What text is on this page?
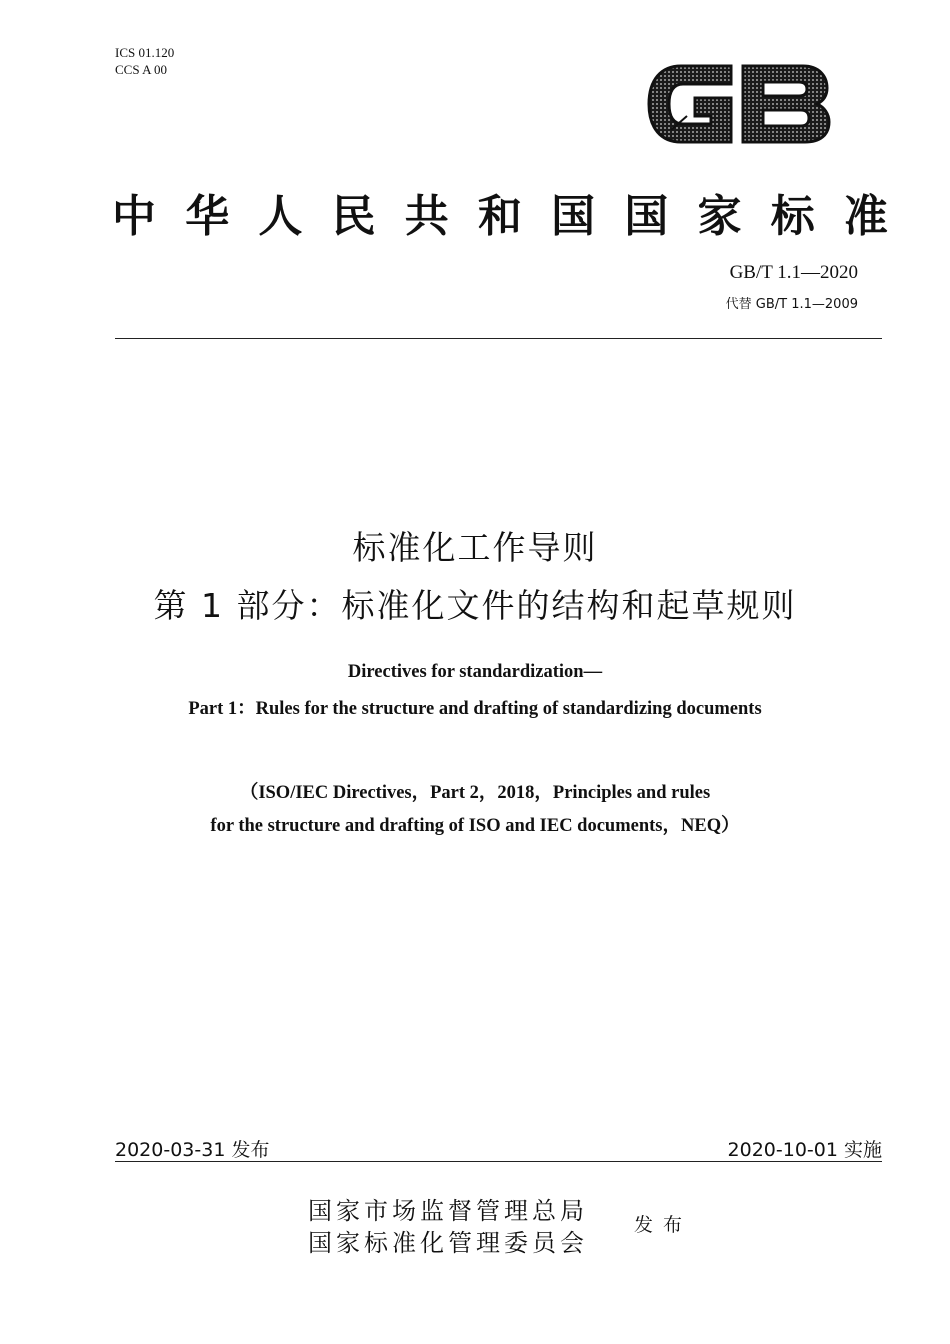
ICS 01.120
CCS A 00
中 华 人 民 共 和 国 国 家 标 准
GB/T 1.1—2020
代替 GB/T 1.1—2009
标准化工作导则
第 1 部分：标准化文件的结构和起草规则
Directives for standardization—
Part 1：Rules for the structure and drafting of standardizing documents
（ISO/IEC Directives，Part 2，2018，Principles and rules
for the structure and drafting of ISO and IEC documents，NEQ）
2020-03-31 发布	2020-10-01 实施
国家市场监督管理总局
国家标准化管理委员会
发布
